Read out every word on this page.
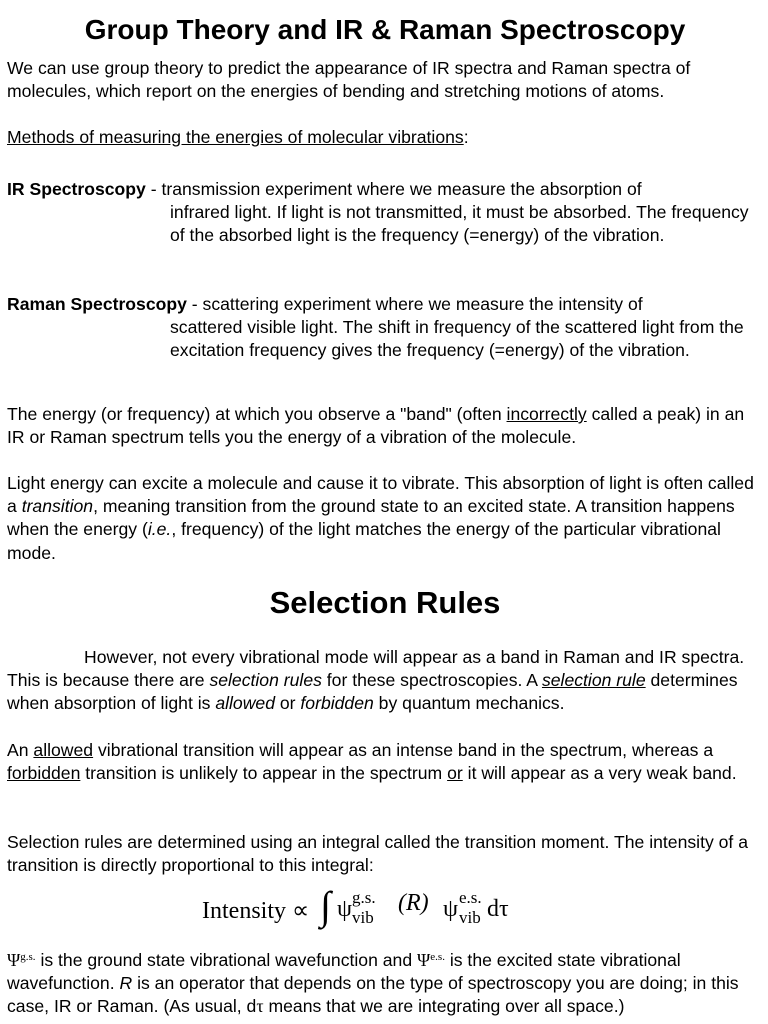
Group Theory and IR & Raman Spectroscopy

We can use group theory to predict the appearance of IR spectra and Raman spectra of molecules, which report on the energies of bending and stretching motions of atoms.

Methods of measuring the energies of molecular vibrations:

IR Spectroscopy - transmission experiment where we measure the absorption of
infrared light. If light is not transmitted, it must be absorbed. The frequency of the absorbed light is the frequency (=energy) of the vibration.
Raman Spectroscopy - scattering experiment where we measure the intensity of
scattered visible light. The shift in frequency of the scattered light from the excitation frequency gives the frequency (=energy) of the vibration.

The energy (or frequency) at which you observe a "band" (often incorrectly called a peak) in an IR or Raman spectrum tells you the energy of a vibration of the molecule.

Light energy can excite a molecule and cause it to vibrate. This absorption of light is often called a transition, meaning transition from the ground state to an excited state. A transition happens when the energy (i.e., frequency) of the light matches the energy of the particular vibrational mode.

Selection Rules

However, not every vibrational mode will appear as a band in Raman and IR spectra. This is because there are selection rules for these spectroscopies. A selection rule determines when absorption of light is allowed or forbidden by quantum mechanics.

An allowed vibrational transition will appear as an intense band in the spectrum, whereas a forbidden transition is unlikely to appear in the spectrum or it will appear as a very weak band.

Selection rules are determined using an integral called the transition moment. The intensity of a transition is directly proportional to this integral:

Intensity ∝ ∫ ψ g.s.
vib
(R) ψ e.s.
vib dτ

$\Psi^{g.s.}$ is the ground state vibrational wavefunction and $\Psi^{e.s.}$ is the excited state vibrational wavefunction. R is an operator that depends on the type of spectroscopy you are doing; in this case, IR or Raman. (As usual, dτ means that we are integrating over all space.)
